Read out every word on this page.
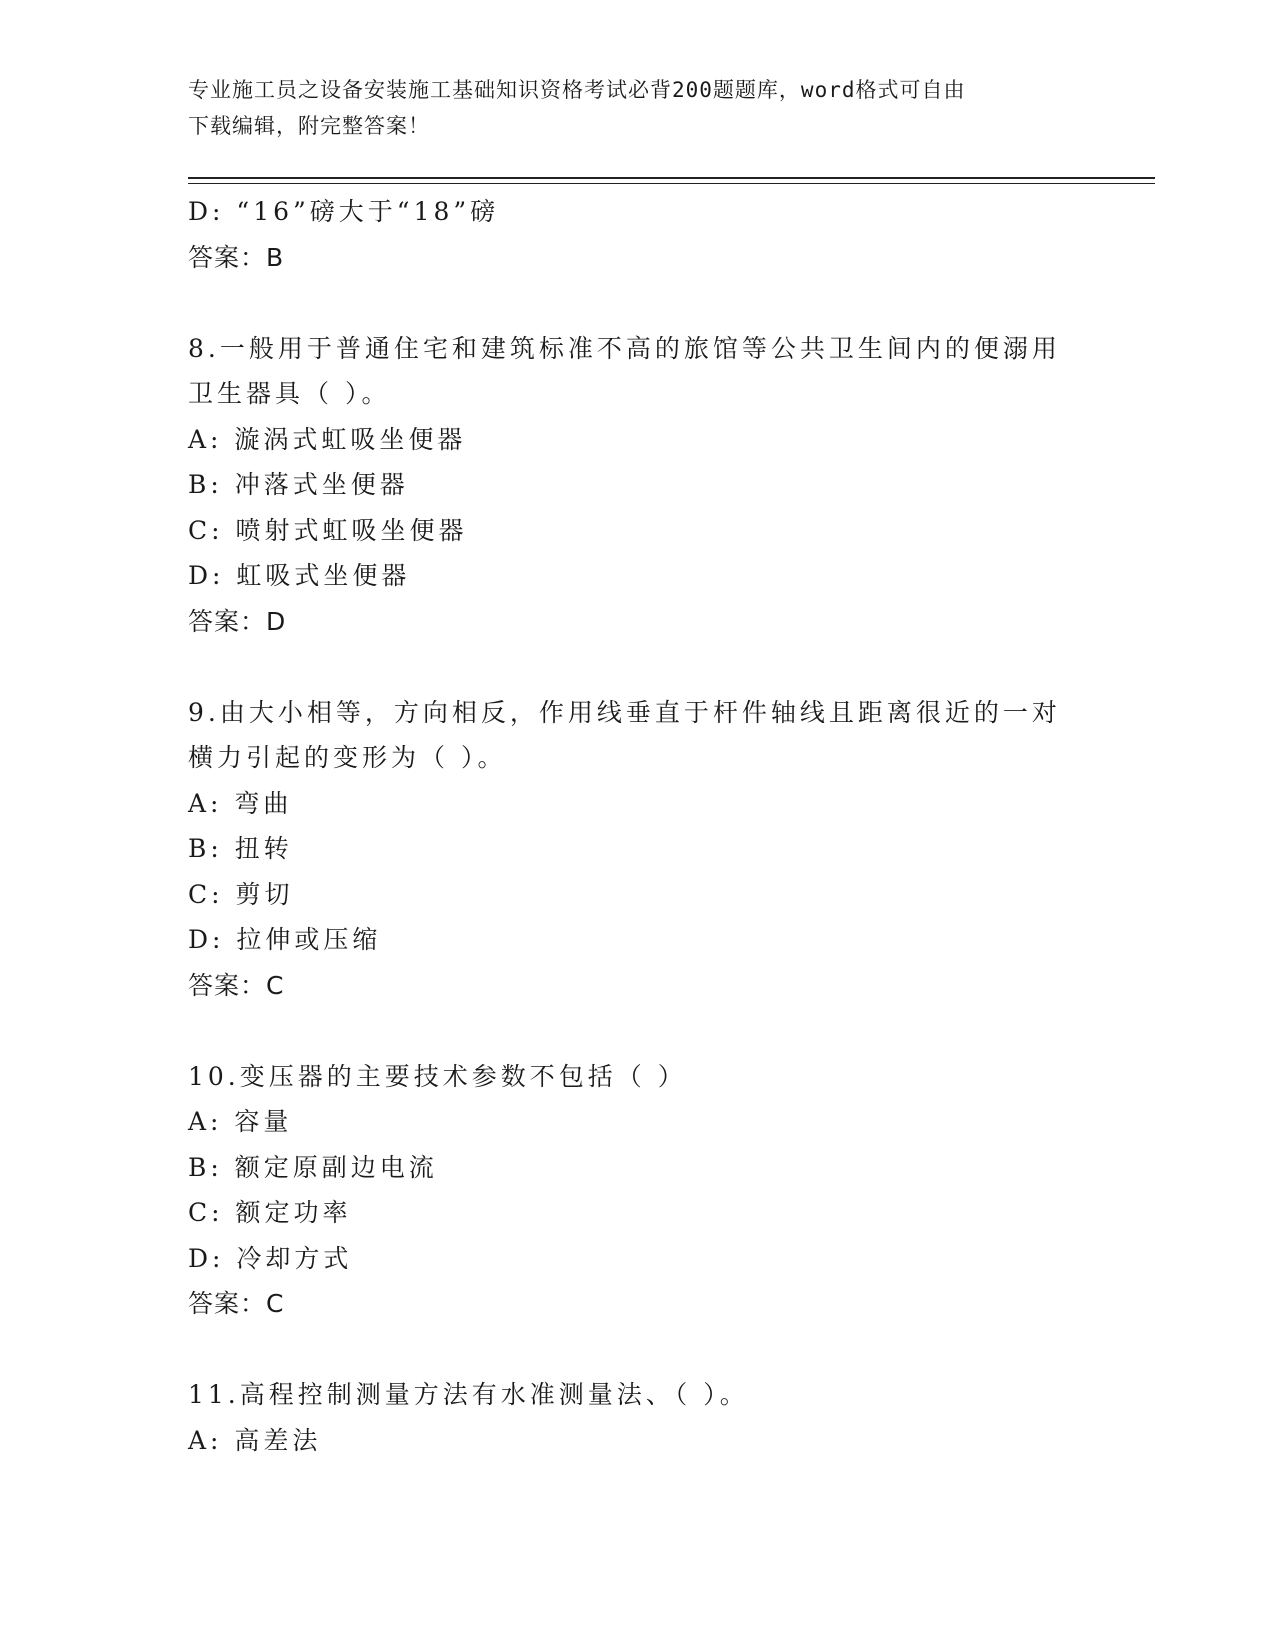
专业施工员之设备安装施工基础知识资格考试必背200题题库，word格式可自由
下载编辑，附完整答案！
D: “16”磅大于“18”磅
答案：B
8.一般用于普通住宅和建筑标准不高的旅馆等公共卫生间内的便溺用
卫生器具（ ）。
A: 漩涡式虹吸坐便器
B: 冲落式坐便器
C: 喷射式虹吸坐便器
D: 虹吸式坐便器
答案：D
9.由大小相等，方向相反，作用线垂直于杆件轴线且距离很近的一对
横力引起的变形为（ ）。
A: 弯曲
B: 扭转
C: 剪切
D: 拉伸或压缩
答案：C
10.变压器的主要技术参数不包括（ ）
A: 容量
B: 额定原副边电流
C: 额定功率
D: 冷却方式
答案：C
11.高程控制测量方法有水准测量法、（ ）。
A: 高差法
